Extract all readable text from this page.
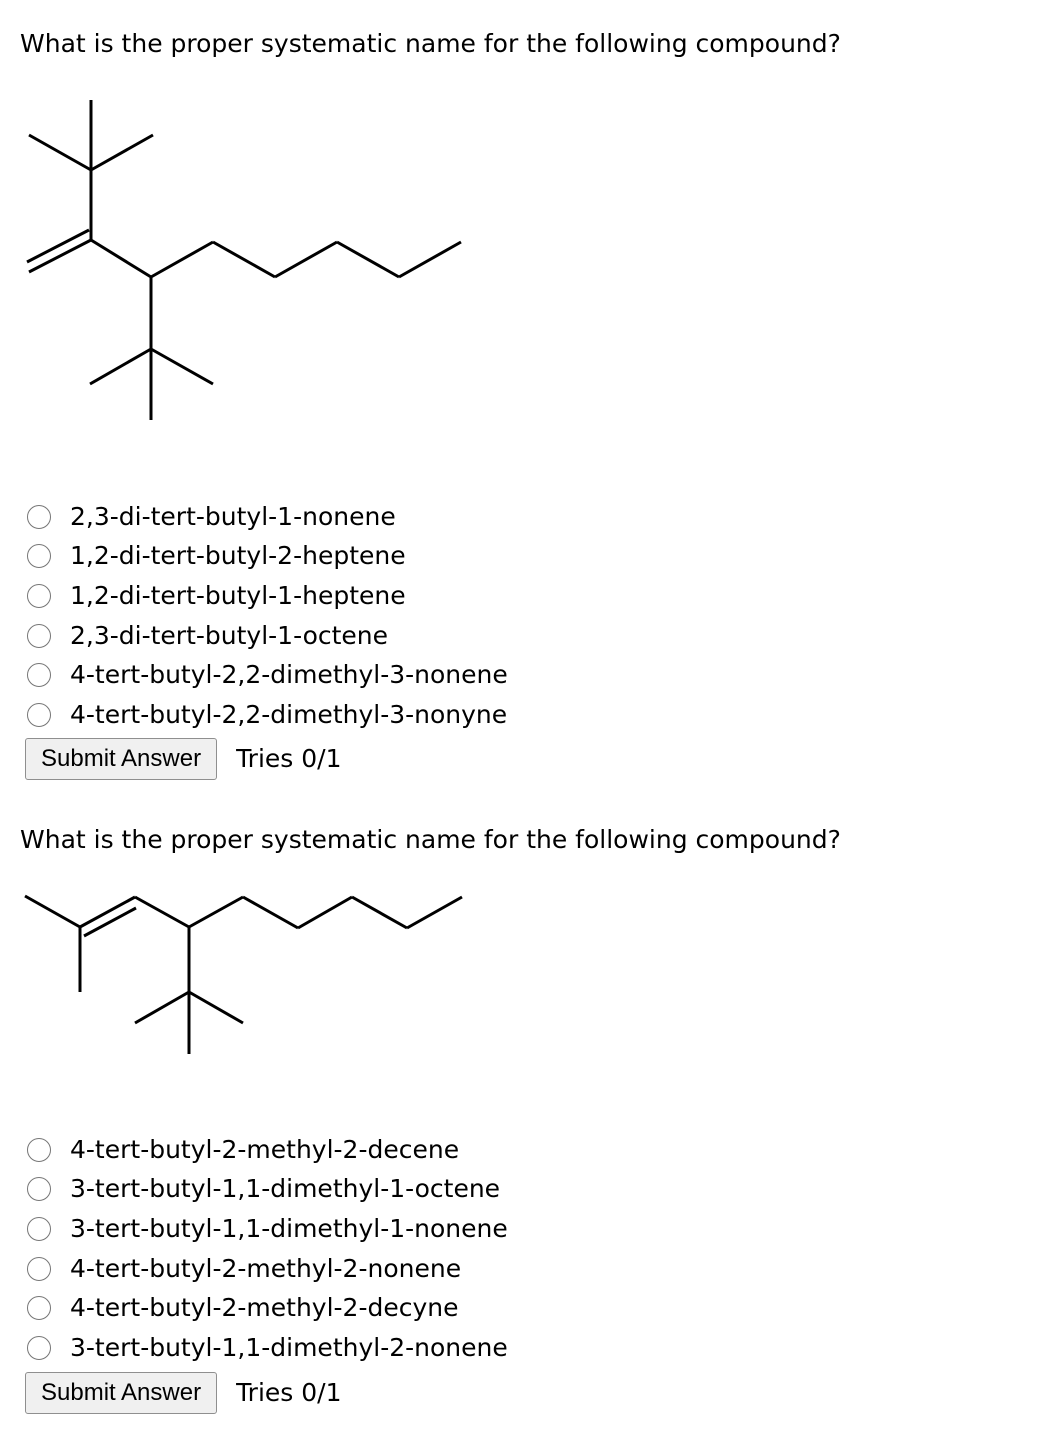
What is the proper systematic name for the following compound?
2,3-di-tert-butyl-1-nonene
1,2-di-tert-butyl-2-heptene
1,2-di-tert-butyl-1-heptene
2,3-di-tert-butyl-1-octene
4-tert-butyl-2,2-dimethyl-3-nonene
4-tert-butyl-2,2-dimethyl-3-nonyne
Submit Answer	Tries 0/1
What is the proper systematic name for the following compound?
4-tert-butyl-2-methyl-2-decene
3-tert-butyl-1,1-dimethyl-1-octene
3-tert-butyl-1,1-dimethyl-1-nonene
4-tert-butyl-2-methyl-2-nonene
4-tert-butyl-2-methyl-2-decyne
3-tert-butyl-1,1-dimethyl-2-nonene
Submit Answer	Tries 0/1
